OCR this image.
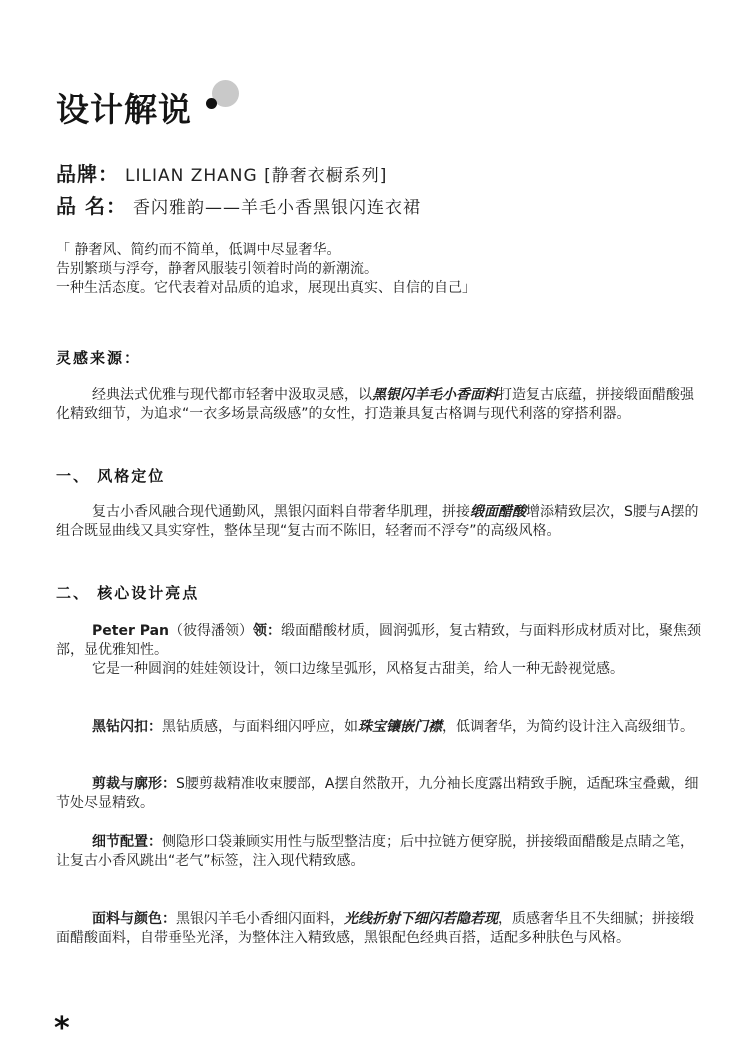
设计解说
品牌： LILIAN ZHANG [静奢衣橱系列]
品 名： 香闪雅韵——羊毛小香黑银闪连衣裙
「 静奢风、简约而不简单，低调中尽显奢华。
告别繁琐与浮夸，静奢风服装引领着时尚的新潮流。
一种生活态度。它代表着对品质的追求，展现出真实、自信的自己」
灵感来源：
经典法式优雅与现代都市轻奢中汲取灵感，以黑银闪羊毛小香面料打造复古底蕴，拼接缎面醋酸强化精致细节，为追求“一衣多场景高级感”的女性，打造兼具复古格调与现代利落的穿搭利器。
一、 风格定位
复古小香风融合现代通勤风，黑银闪面料自带奢华肌理，拼接缎面醋酸增添精致层次，S腰与A摆的组合既显曲线又具实穿性，整体呈现“复古而不陈旧，轻奢而不浮夸”的高级风格。
二、 核心设计亮点
Peter Pan（彼得潘领）领：缎面醋酸材质，圆润弧形，复古精致，与面料形成材质对比，聚焦颈部，显优雅知性。
它是一种圆润的娃娃领设计，领口边缘呈弧形，风格复古甜美，给人一种无龄视觉感。
黑钻闪扣：黑钻质感，与面料细闪呼应，如珠宝镶嵌门襟，低调奢华，为简约设计注入高级细节。
剪裁与廓形：S腰剪裁精准收束腰部，A摆自然散开，九分袖长度露出精致手腕，适配珠宝叠戴，细节处尽显精致。
细节配置：侧隐形口袋兼顾实用性与版型整洁度；后中拉链方便穿脱，拼接缎面醋酸是点睛之笔，让复古小香风跳出“老气”标签，注入现代精致感。
面料与颜色：黑银闪羊毛小香细闪面料，光线折射下细闪若隐若现，质感奢华且不失细腻；拼接缎面醋酸面料，自带垂坠光泽，为整体注入精致感，黑银配色经典百搭，适配多种肤色与风格。
*
